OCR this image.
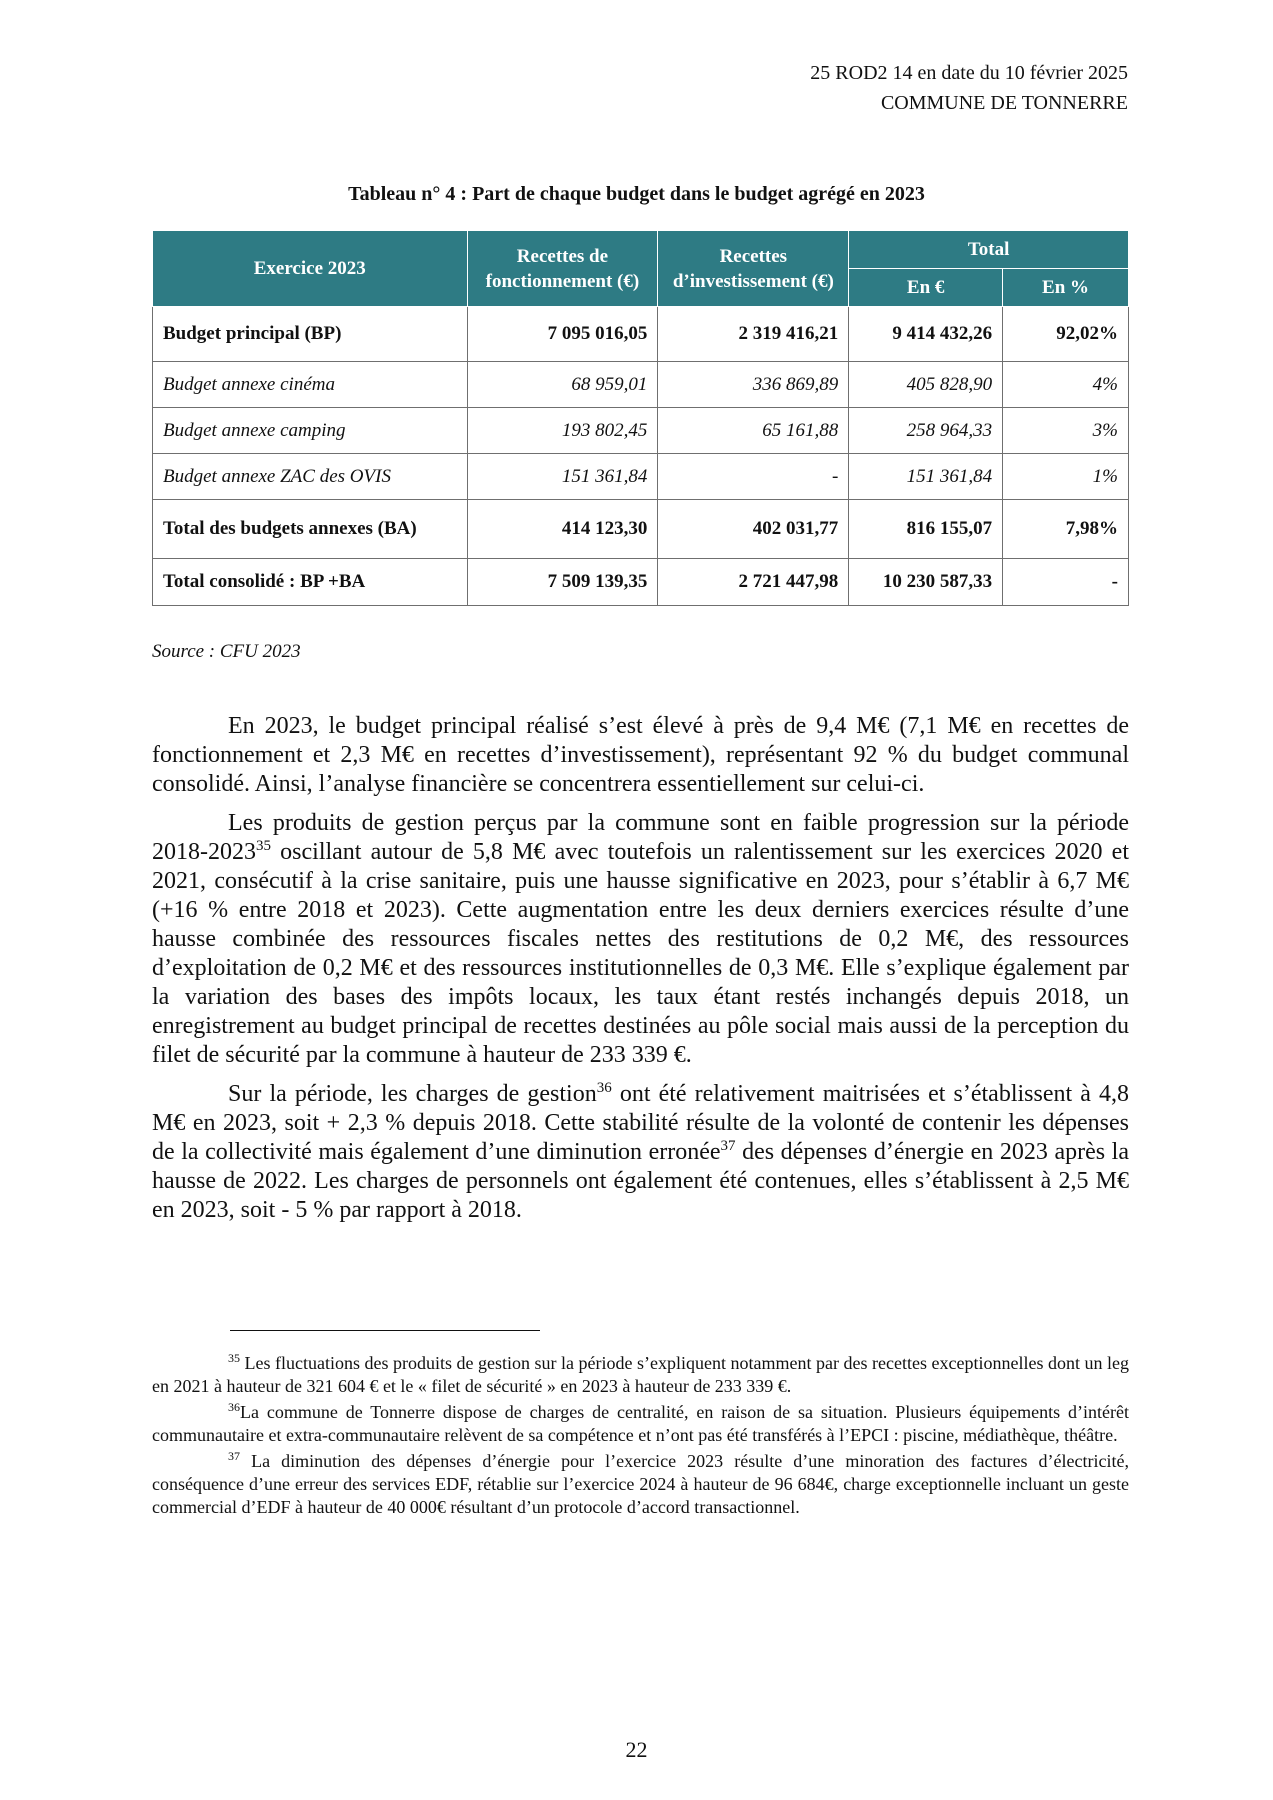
25 ROD2 14 en date du 10 février 2025
COMMUNE DE TONNERRE
Tableau n° 4 : Part de chaque budget dans le budget agrégé en 2023
Exercice 2023	Recettes de fonctionnement (€)	Recettes d’investissement (€)	Total	
			En €	En %
Budget principal (BP)	7 095 016,05	2 319 416,21	9 414 432,26	92,02%
Budget annexe cinéma	68 959,01	336 869,89	405 828,90	4%
Budget annexe camping	193 802,45	65 161,88	258 964,33	3%
Budget annexe ZAC des OVIS	151 361,84	-	151 361,84	1%
Total des budgets annexes (BA)	414 123,30	402 031,77	816 155,07	7,98%
Total consolidé : BP +BA	7 509 139,35	2 721 447,98	10 230 587,33	-
Source : CFU 2023

En 2023, le budget principal réalisé s’est élevé à près de 9,4 M€ (7,1 M€ en recettes de fonctionnement et 2,3 M€ en recettes d’investissement), représentant 92 % du budget communal consolidé. Ainsi, l’analyse financière se concentrera essentiellement sur celui-ci.

Les produits de gestion perçus par la commune sont en faible progression sur la période 2018-2023$^{35}$ oscillant autour de 5,8 M€ avec toutefois un ralentissement sur les exercices 2020 et 2021, consécutif à la crise sanitaire, puis une hausse significative en 2023, pour s’établir à 6,7 M€ (+16 % entre 2018 et 2023). Cette augmentation entre les deux derniers exercices résulte d’une hausse combinée des ressources fiscales nettes des restitutions de 0,2 M€, des ressources d’exploitation de 0,2 M€ et des ressources institutionnelles de 0,3 M€. Elle s’explique également par la variation des bases des impôts locaux, les taux étant restés inchangés depuis 2018, un enregistrement au budget principal de recettes destinées au pôle social mais aussi de la perception du filet de sécurité par la commune à hauteur de 233 339 €.

Sur la période, les charges de gestion$^{36}$ ont été relativement maitrisées et s’établissent à 4,8 M€ en 2023, soit + 2,3 % depuis 2018. Cette stabilité résulte de la volonté de contenir les dépenses de la collectivité mais également d’une diminution erronée$^{37}$ des dépenses d’énergie en 2023 après la hausse de 2022. Les charges de personnels ont également été contenues, elles s’établissent à 2,5 M€ en 2023, soit - 5 % par rapport à 2018.

$^{35}$ Les fluctuations des produits de gestion sur la période s’expliquent notamment par des recettes exceptionnelles dont un leg en 2021 à hauteur de 321 604 € et le « filet de sécurité » en 2023 à hauteur de 233 339 €.

$^{36}$La commune de Tonnerre dispose de charges de centralité, en raison de sa situation. Plusieurs équipements d’intérêt communautaire et extra-communautaire relèvent de sa compétence et n’ont pas été transférés à l’EPCI : piscine, médiathèque, théâtre.

$^{37}$ La diminution des dépenses d’énergie pour l’exercice 2023 résulte d’une minoration des factures d’électricité, conséquence d’une erreur des services EDF, rétablie sur l’exercice 2024 à hauteur de 96 684€, charge exceptionnelle incluant un geste commercial d’EDF à hauteur de 40 000€ résultant d’un protocole d’accord transactionnel.

22
